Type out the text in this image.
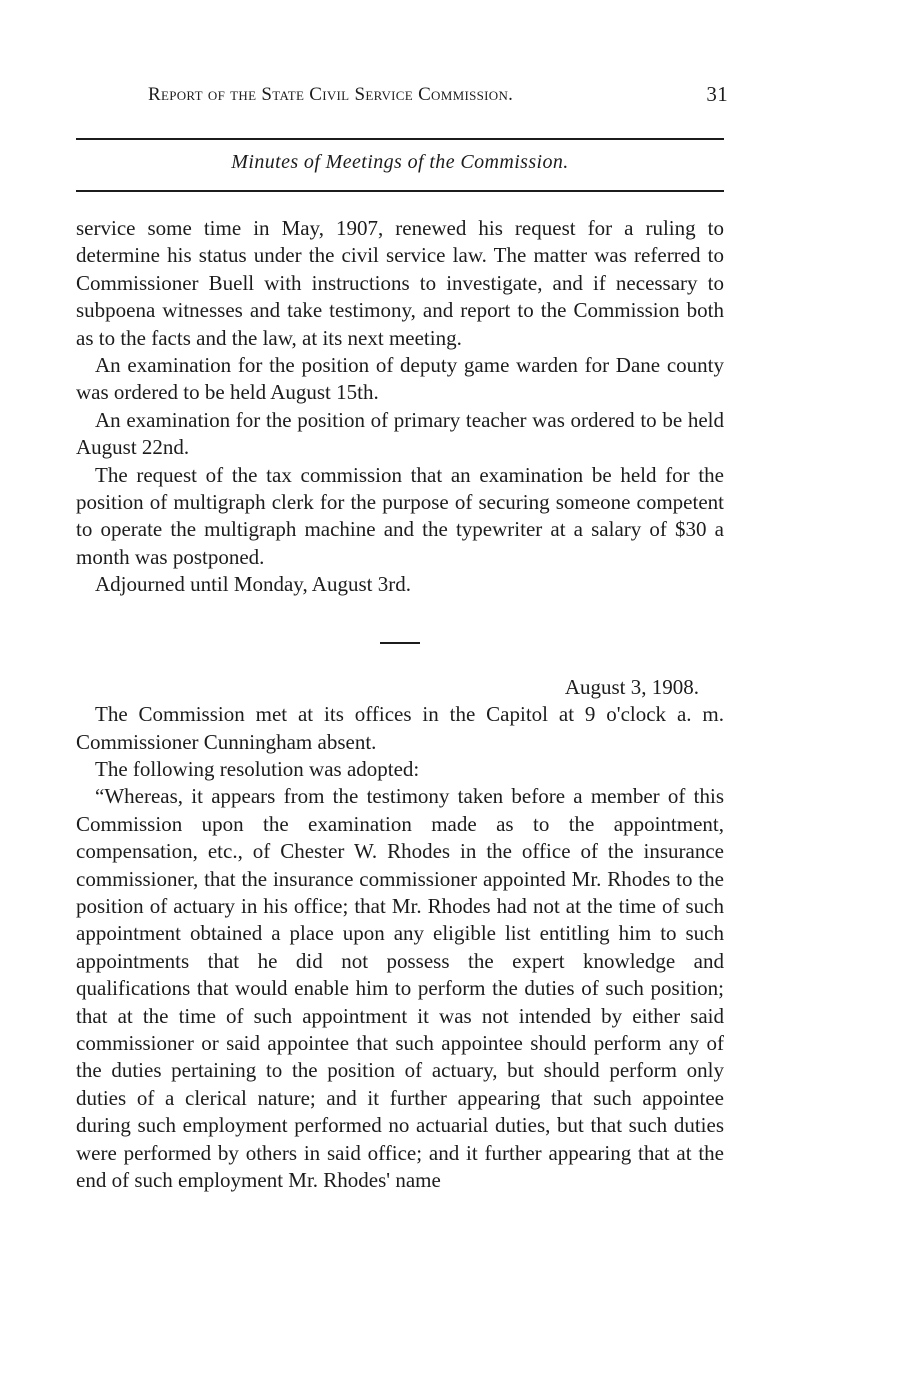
Report of the State Civil Service Commission.	31
Minutes of Meetings of the Commission.

service some time in May, 1907, renewed his request for a ruling to determine his status under the civil service law. The matter was referred to Commissioner Buell with instructions to investigate, and if necessary to subpoena witnesses and take testimony, and report to the Commission both as to the facts and the law, at its next meeting.

An examination for the position of deputy game warden for Dane county was ordered to be held August 15th.

An examination for the position of primary teacher was ordered to be held August 22nd.

The request of the tax commission that an examination be held for the position of multigraph clerk for the purpose of securing someone competent to operate the multigraph machine and the typewriter at a salary of $30 a month was postponed.

Adjourned until Monday, August 3rd.

August 3, 1908.

The Commission met at its offices in the Capitol at 9 o'clock a. m. Commissioner Cunningham absent.

The following resolution was adopted:

“Whereas, it appears from the testimony taken before a member of this Commission upon the examination made as to the appointment, compensation, etc., of Chester W. Rhodes in the office of the insurance commissioner, that the insurance commissioner appointed Mr. Rhodes to the position of actuary in his office; that Mr. Rhodes had not at the time of such appointment obtained a place upon any eligible list entitling him to such appointments that he did not possess the expert knowledge and qualifications that would enable him to perform the duties of such position; that at the time of such appointment it was not intended by either said commissioner or said appointee that such appointee should perform any of the duties pertaining to the position of actuary, but should perform only duties of a clerical nature; and it further appearing that such appointee during such employment performed no actuarial duties, but that such duties were performed by others in said office; and it further appearing that at the end of such employment Mr. Rhodes' name
